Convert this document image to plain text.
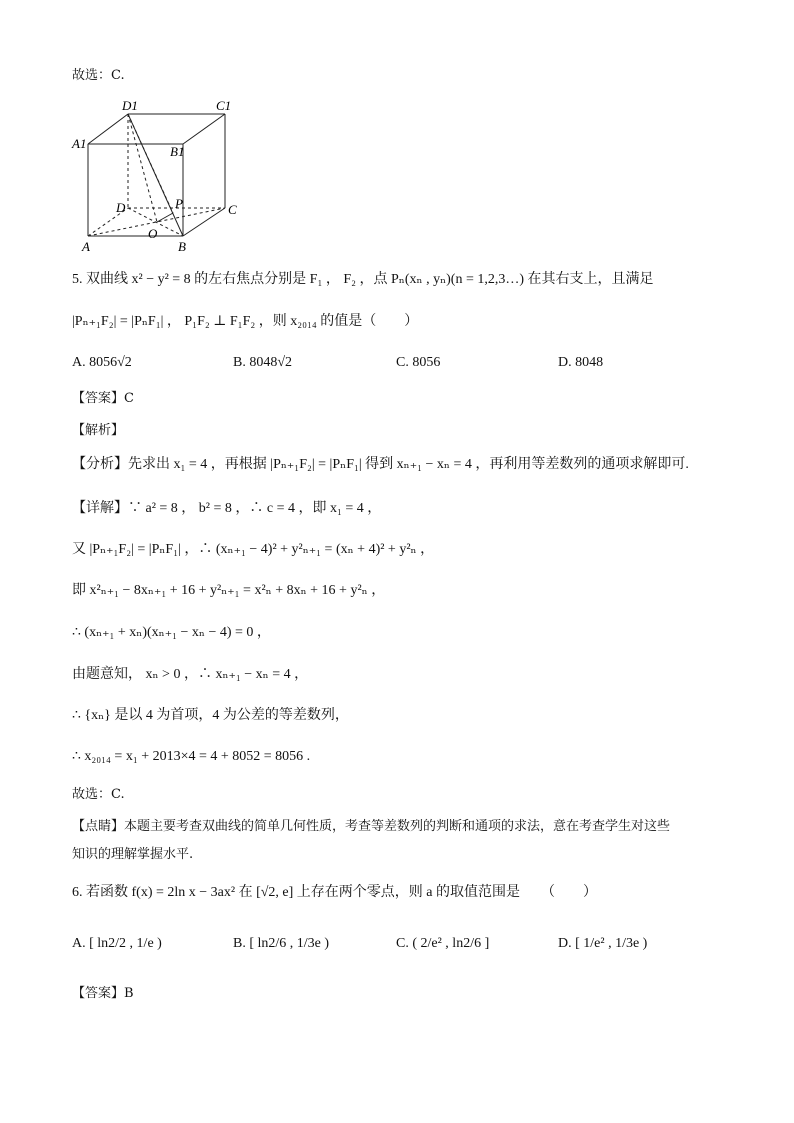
故选：C.
D1	C1
A1
B1
D	P	C
O
A	B
5. 双曲线 x² − y² = 8 的左右焦点分别是 F₁ ， F₂ ，点 Pₙ(xₙ , yₙ)(n = 1,2,3…) 在其右支上，且满足
|Pₙ₊₁F₂| = |PₙF₁| ， P₁F₂ ⊥ F₁F₂ ，则 x₂₀₁₄ 的值是（　　）
A. 8056√2	B. 8048√2	C. 8056	D. 8048
【答案】C
【解析】
【分析】先求出 x₁ = 4 ，再根据 |Pₙ₊₁F₂| = |PₙF₁| 得到 xₙ₊₁ − xₙ = 4 ，再利用等差数列的通项求解即可.
【详解】∵ a² = 8 ， b² = 8 ，∴ c = 4 ，即 x₁ = 4 ，
又 |Pₙ₊₁F₂| = |PₙF₁| ，∴ (xₙ₊₁ − 4)² + y²ₙ₊₁ = (xₙ + 4)² + y²ₙ ，
即 x²ₙ₊₁ − 8xₙ₊₁ + 16 + y²ₙ₊₁ = x²ₙ + 8xₙ + 16 + y²ₙ ，
∴ (xₙ₊₁ + xₙ)(xₙ₊₁ − xₙ − 4) = 0 ，
由题意知， xₙ > 0 ，∴ xₙ₊₁ − xₙ = 4 ，
∴ {xₙ} 是以 4 为首项，4 为公差的等差数列，
∴ x₂₀₁₄ = x₁ + 2013×4 = 4 + 8052 = 8056 .
故选：C.
【点睛】本题主要考查双曲线的简单几何性质，考查等差数列的判断和通项的求法，意在考查学生对这些
知识的理解掌握水平.
6. 若函数 f(x) = 2ln x − 3ax² 在 [√2, e] 上存在两个零点，则 a 的取值范围是　　（　　）
A. [ ln2/2 , 1/e )	B. [ ln2/6 , 1/3e )	C. ( 2/e² , ln2/6 ]	D. [ 1/e² , 1/3e )
【答案】B
